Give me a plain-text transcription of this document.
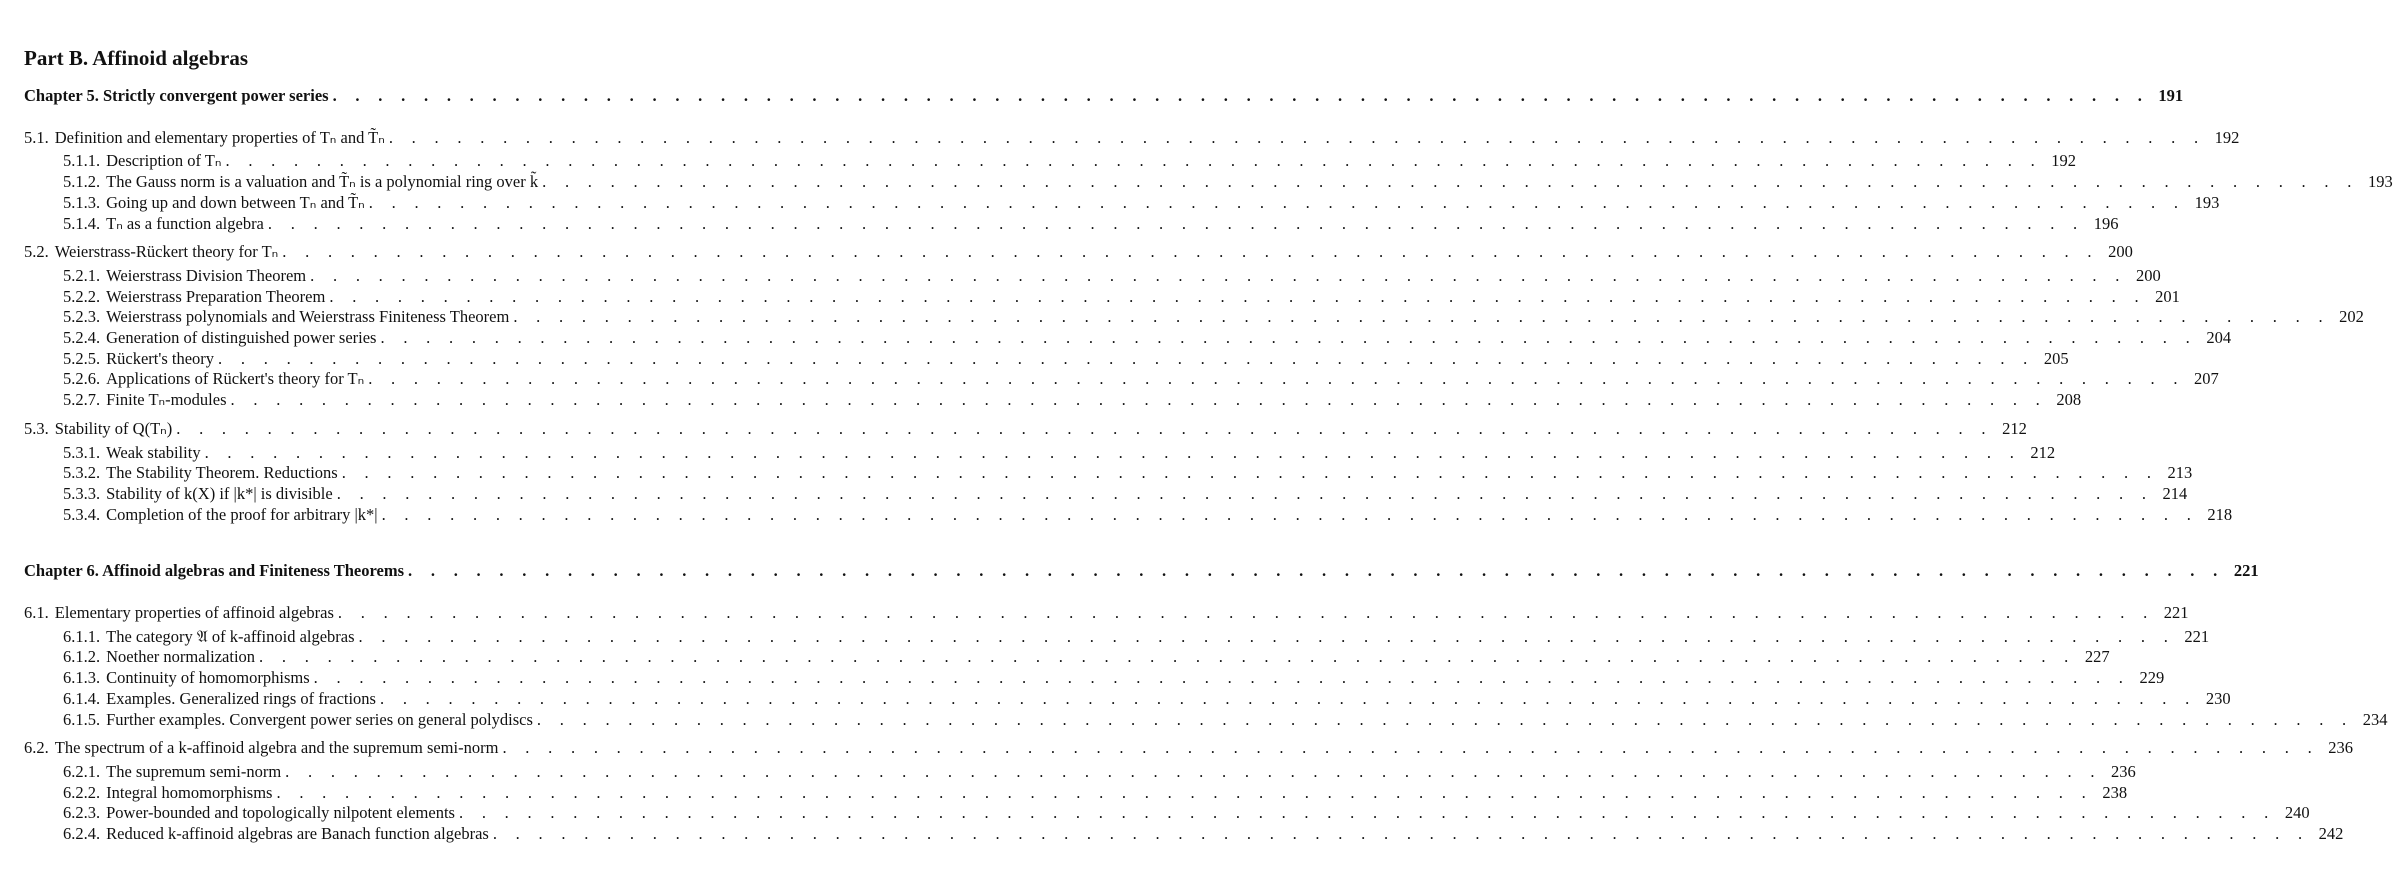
Part B. Affinoid algebras
Chapter 5. Strictly convergent power series . . . . . . . . . . . . . . . . . . . . . . . . . . . . . . . . . . . . . . . . . . . . . . . . . . . . . . . . . . . . . . . . . . . . . . . . . . . . . . . . 191
5.1. Definition and elementary properties of Tₙ and T̃ₙ . . . . . . . . . . . . . . . . . . . . . . . . . . . . . . . . . . . . . . . . . . . . . . . . . . . . . . . . . . . . . . . . . . . . . . . . . . . . . . . . 192
5.1.1. Description of Tₙ . . . . . . . . . . . . . . . . . . . . . . . . . . . . . . . . . . . . . . . . . . . . . . . . . . . . . . . . . . . . . . . . . . . . . . . . . . . . . . . . 192
5.1.2. The Gauss norm is a valuation and T̃ₙ is a polynomial ring over k̃ . . . . . . . . . . . . . . . . . . . . . . . . . . . . . . . . . . . . . . . . . . . . . . . . . . . . . . . . . . . . . . . . . . . . . . . . . . . . . . . . 193
5.1.3. Going up and down between Tₙ and T̃ₙ . . . . . . . . . . . . . . . . . . . . . . . . . . . . . . . . . . . . . . . . . . . . . . . . . . . . . . . . . . . . . . . . . . . . . . . . . . . . . . . . 193
5.1.4. Tₙ as a function algebra . . . . . . . . . . . . . . . . . . . . . . . . . . . . . . . . . . . . . . . . . . . . . . . . . . . . . . . . . . . . . . . . . . . . . . . . . . . . . . . . 196
5.2. Weierstrass-Rückert theory for Tₙ . . . . . . . . . . . . . . . . . . . . . . . . . . . . . . . . . . . . . . . . . . . . . . . . . . . . . . . . . . . . . . . . . . . . . . . . . . . . . . . . 200
5.2.1. Weierstrass Division Theorem . . . . . . . . . . . . . . . . . . . . . . . . . . . . . . . . . . . . . . . . . . . . . . . . . . . . . . . . . . . . . . . . . . . . . . . . . . . . . . . . 200
5.2.2. Weierstrass Preparation Theorem . . . . . . . . . . . . . . . . . . . . . . . . . . . . . . . . . . . . . . . . . . . . . . . . . . . . . . . . . . . . . . . . . . . . . . . . . . . . . . . . 201
5.2.3. Weierstrass polynomials and Weierstrass Finiteness Theorem . . . . . . . . . . . . . . . . . . . . . . . . . . . . . . . . . . . . . . . . . . . . . . . . . . . . . . . . . . . . . . . . . . . . . . . . . . . . . . . . 202
5.2.4. Generation of distinguished power series . . . . . . . . . . . . . . . . . . . . . . . . . . . . . . . . . . . . . . . . . . . . . . . . . . . . . . . . . . . . . . . . . . . . . . . . . . . . . . . . 204
5.2.5. Rückert's theory . . . . . . . . . . . . . . . . . . . . . . . . . . . . . . . . . . . . . . . . . . . . . . . . . . . . . . . . . . . . . . . . . . . . . . . . . . . . . . . . 205
5.2.6. Applications of Rückert's theory for Tₙ . . . . . . . . . . . . . . . . . . . . . . . . . . . . . . . . . . . . . . . . . . . . . . . . . . . . . . . . . . . . . . . . . . . . . . . . . . . . . . . . 207
5.2.7. Finite Tₙ-modules . . . . . . . . . . . . . . . . . . . . . . . . . . . . . . . . . . . . . . . . . . . . . . . . . . . . . . . . . . . . . . . . . . . . . . . . . . . . . . . . 208
5.3. Stability of Q(Tₙ) . . . . . . . . . . . . . . . . . . . . . . . . . . . . . . . . . . . . . . . . . . . . . . . . . . . . . . . . . . . . . . . . . . . . . . . . . . . . . . . . 212
5.3.1. Weak stability . . . . . . . . . . . . . . . . . . . . . . . . . . . . . . . . . . . . . . . . . . . . . . . . . . . . . . . . . . . . . . . . . . . . . . . . . . . . . . . . 212
5.3.2. The Stability Theorem. Reductions . . . . . . . . . . . . . . . . . . . . . . . . . . . . . . . . . . . . . . . . . . . . . . . . . . . . . . . . . . . . . . . . . . . . . . . . . . . . . . . . 213
5.3.3. Stability of k(X) if |k*| is divisible . . . . . . . . . . . . . . . . . . . . . . . . . . . . . . . . . . . . . . . . . . . . . . . . . . . . . . . . . . . . . . . . . . . . . . . . . . . . . . . . 214
5.3.4. Completion of the proof for arbitrary |k*| . . . . . . . . . . . . . . . . . . . . . . . . . . . . . . . . . . . . . . . . . . . . . . . . . . . . . . . . . . . . . . . . . . . . . . . . . . . . . . . . 218
Chapter 6. Affinoid algebras and Finiteness Theorems . . . . . . . . . . . . . . . . . . . . . . . . . . . . . . . . . . . . . . . . . . . . . . . . . . . . . . . . . . . . . . . . . . . . . . . . . . . . . . . . 221
6.1. Elementary properties of affinoid algebras . . . . . . . . . . . . . . . . . . . . . . . . . . . . . . . . . . . . . . . . . . . . . . . . . . . . . . . . . . . . . . . . . . . . . . . . . . . . . . . . 221
6.1.1. The category 𝔄 of k-affinoid algebras . . . . . . . . . . . . . . . . . . . . . . . . . . . . . . . . . . . . . . . . . . . . . . . . . . . . . . . . . . . . . . . . . . . . . . . . . . . . . . . . 221
6.1.2. Noether normalization . . . . . . . . . . . . . . . . . . . . . . . . . . . . . . . . . . . . . . . . . . . . . . . . . . . . . . . . . . . . . . . . . . . . . . . . . . . . . . . . 227
6.1.3. Continuity of homomorphisms . . . . . . . . . . . . . . . . . . . . . . . . . . . . . . . . . . . . . . . . . . . . . . . . . . . . . . . . . . . . . . . . . . . . . . . . . . . . . . . . 229
6.1.4. Examples. Generalized rings of fractions . . . . . . . . . . . . . . . . . . . . . . . . . . . . . . . . . . . . . . . . . . . . . . . . . . . . . . . . . . . . . . . . . . . . . . . . . . . . . . . . 230
6.1.5. Further examples. Convergent power series on general polydiscs . . . . . . . . . . . . . . . . . . . . . . . . . . . . . . . . . . . . . . . . . . . . . . . . . . . . . . . . . . . . . . . . . . . . . . . . . . . . . . . . 234
6.2. The spectrum of a k-affinoid algebra and the supremum semi-norm . . . . . . . . . . . . . . . . . . . . . . . . . . . . . . . . . . . . . . . . . . . . . . . . . . . . . . . . . . . . . . . . . . . . . . . . . . . . . . . . 236
6.2.1. The supremum semi-norm . . . . . . . . . . . . . . . . . . . . . . . . . . . . . . . . . . . . . . . . . . . . . . . . . . . . . . . . . . . . . . . . . . . . . . . . . . . . . . . . 236
6.2.2. Integral homomorphisms . . . . . . . . . . . . . . . . . . . . . . . . . . . . . . . . . . . . . . . . . . . . . . . . . . . . . . . . . . . . . . . . . . . . . . . . . . . . . . . . 238
6.2.3. Power-bounded and topologically nilpotent elements . . . . . . . . . . . . . . . . . . . . . . . . . . . . . . . . . . . . . . . . . . . . . . . . . . . . . . . . . . . . . . . . . . . . . . . . . . . . . . . . 240
6.2.4. Reduced k-affinoid algebras are Banach function algebras . . . . . . . . . . . . . . . . . . . . . . . . . . . . . . . . . . . . . . . . . . . . . . . . . . . . . . . . . . . . . . . . . . . . . . . . . . . . . . . . 242
